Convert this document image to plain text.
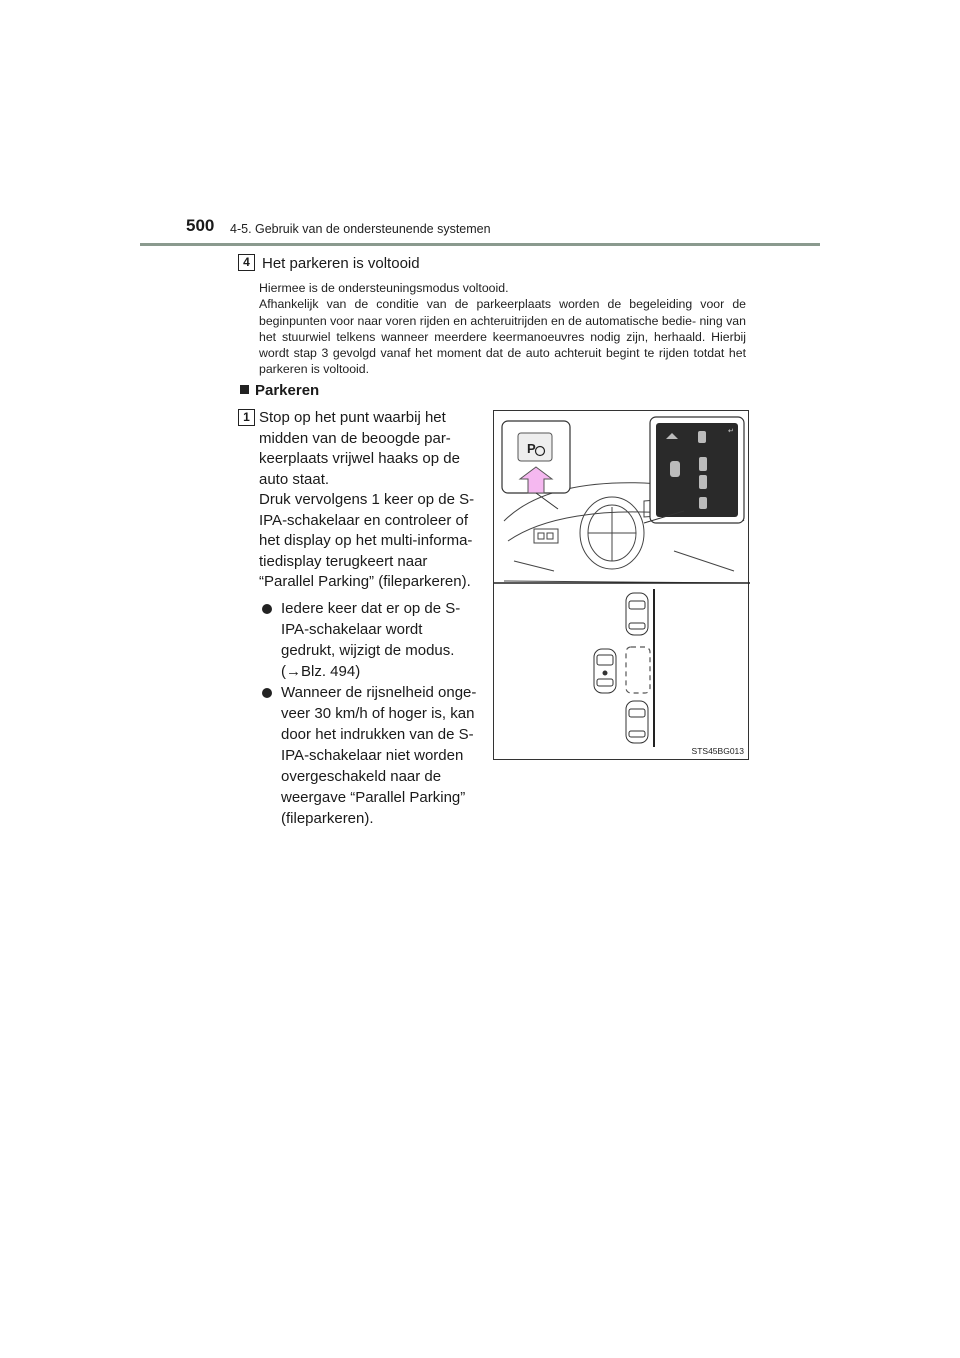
500 4-5. Gebruik van de ondersteunende systemen
4 Het parkeren is voltooid

Hiermee is de ondersteuningsmodus voltooid.

Afhankelijk van de conditie van de parkeerplaats worden de begeleiding voor de beginpunten voor naar voren rijden en achteruitrijden en de automatische bedie- ning van het stuurwiel telkens wanneer meerdere keermanoeuvres nodig zijn, herhaald. Hierbij wordt stap 3 gevolgd vanaf het moment dat de auto achteruit begint te rijden totdat het parkeren is voltooid.

Parkeren
1 Stop op het punt waarbij het

midden van de beoogde par-

keerplaats vrijwel haaks op de

auto staat.

Druk vervolgens 1 keer op de S-

IPA-schakelaar en controleer of

het display op het multi-informa-

tiedisplay terugkeert naar

“Parallel Parking” (fileparkeren).

Iedere keer dat er op de S-
IPA-schakelaar wordt
gedrukt, wijzigt de modus.
(→Blz. 494)
Wanneer de rijsnelheid onge-
veer 30 km/h of hoger is, kan
door het indrukken van de S-
IPA-schakelaar niet worden
overgeschakeld naar de
weergave “Parallel Parking”
(fileparkeren).
P
↵
STS45BG013
